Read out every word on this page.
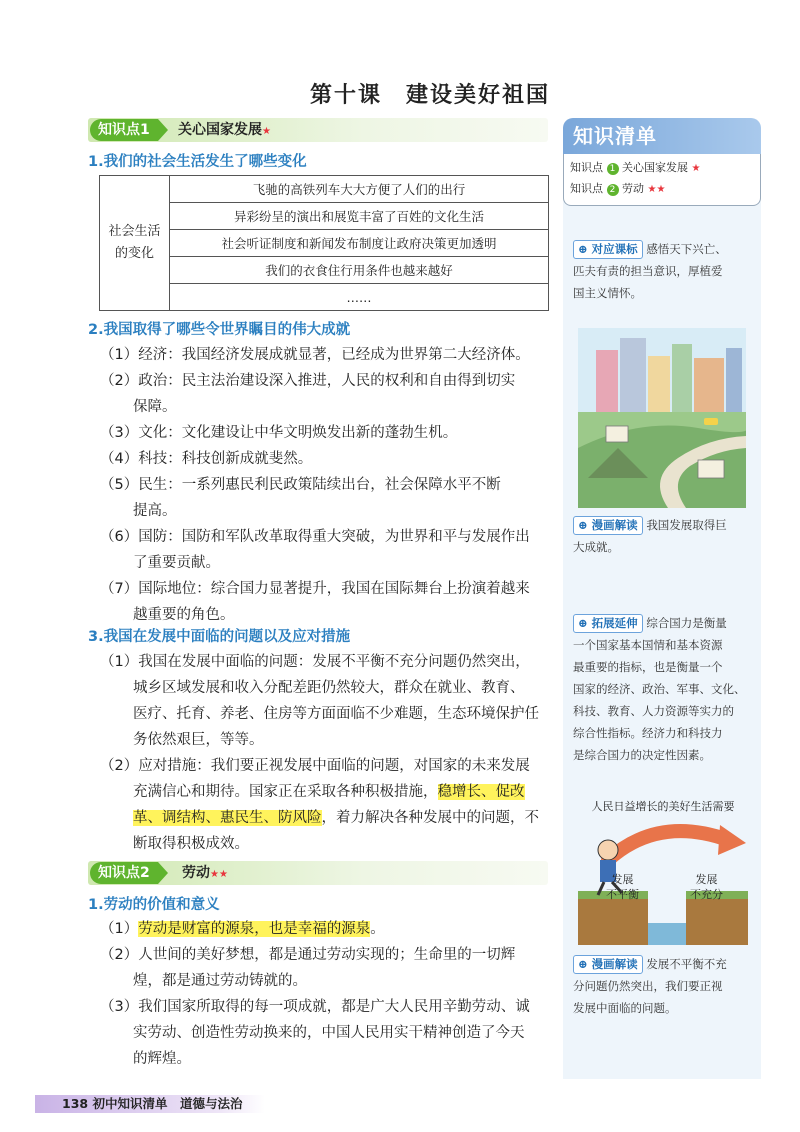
第十课　建设美好祖国
知识点1	关心国家发展★
1.我们的社会生活发生了哪些变化
社会生活的变化	飞驰的高铁列车大大方便了人们的出行
异彩纷呈的演出和展览丰富了百姓的文化生活
社会听证制度和新闻发布制度让政府决策更加透明
我们的衣食住行用条件也越来越好
……
2.我国取得了哪些令世界瞩目的伟大成就
（1）经济：我国经济发展成就显著，已经成为世界第二大经济体。
（2）政治：民主法治建设深入推进，人民的权利和自由得到切实
保障。
（3）文化：文化建设让中华文明焕发出新的蓬勃生机。
（4）科技：科技创新成就斐然。
（5）民生：一系列惠民利民政策陆续出台，社会保障水平不断
提高。
（6）国防：国防和军队改革取得重大突破，为世界和平与发展作出
了重要贡献。
（7）国际地位：综合国力显著提升，我国在国际舞台上扮演着越来
越重要的角色。
3.我国在发展中面临的问题以及应对措施
（1）我国在发展中面临的问题：发展不平衡不充分问题仍然突出，
城乡区域发展和收入分配差距仍然较大，群众在就业、教育、
医疗、托育、养老、住房等方面面临不少难题，生态环境保护任
务依然艰巨，等等。
（2）应对措施：我们要正视发展中面临的问题，对国家的未来发展
充满信心和期待。国家正在采取各种积极措施，稳增长、促改
革、调结构、惠民生、防风险，着力解决各种发展中的问题，不
断取得积极成效。
知识点2	劳动★★
1.劳动的价值和意义
（1）劳动是财富的源泉，也是幸福的源泉。
（2）人世间的美好梦想，都是通过劳动实现的；生命里的一切辉
煌，都是通过劳动铸就的。
（3）我们国家所取得的每一项成就，都是广大人民用辛勤劳动、诚
实劳动、创造性劳动换来的，中国人民用实干精神创造了今天
的辉煌。
知识清单
知识点 1 关心国家发展 ★
知识点 2 劳动 ★★
⊕ 对应课标 感悟天下兴亡、
匹夫有责的担当意识，厚植爱
国主义情怀。
⊕ 漫画解读 我国发展取得巨
大成就。
⊕ 拓展延伸 综合国力是衡量
一个国家基本国情和基本资源
最重要的指标，也是衡量一个
国家的经济、政治、军事、文化、
科技、教育、人力资源等实力的
综合性指标。经济力和科技力
是综合国力的决定性因素。
人民日益增长的美好生活需要
发展
不平衡
发展
不充分
⊕ 漫画解读 发展不平衡不充
分问题仍然突出，我们要正视
发展中面临的问题。
138 初中知识清单　道德与法治
